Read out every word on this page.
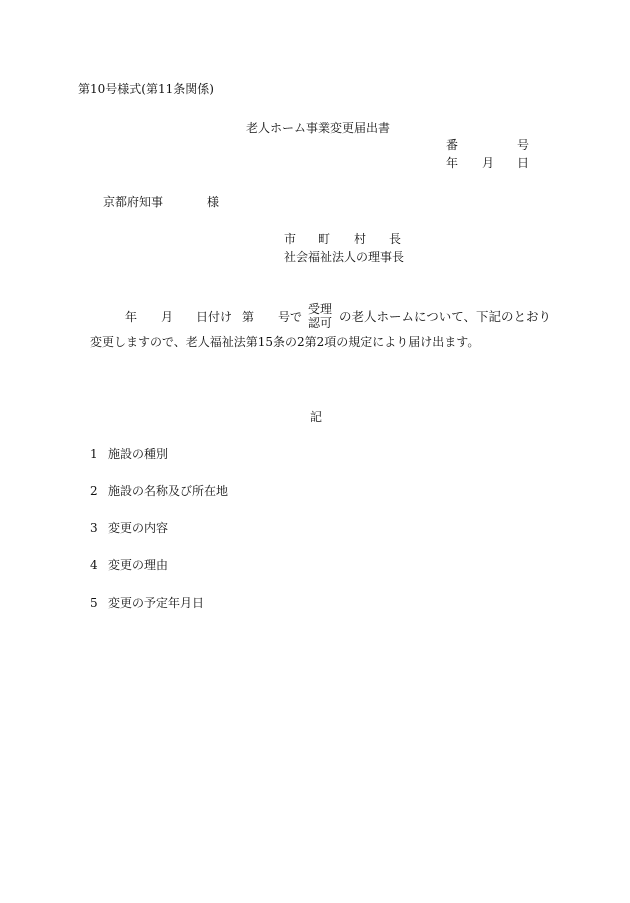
第10号様式(第11条関係)
老人ホーム事業変更届出書
番	号
年 月 日
京都府知事	様
市 町 村 長
社会福祉法人の理事長
年 月 日付け 第 号で
受理
認可 の老人ホームについて、下記のとおり
変更しますので、老人福祉法第15条の2第2項の規定により届け出ます。
記
1 施設の種別
2 施設の名称及び所在地
3 変更の内容
4 変更の理由
5 変更の予定年月日
